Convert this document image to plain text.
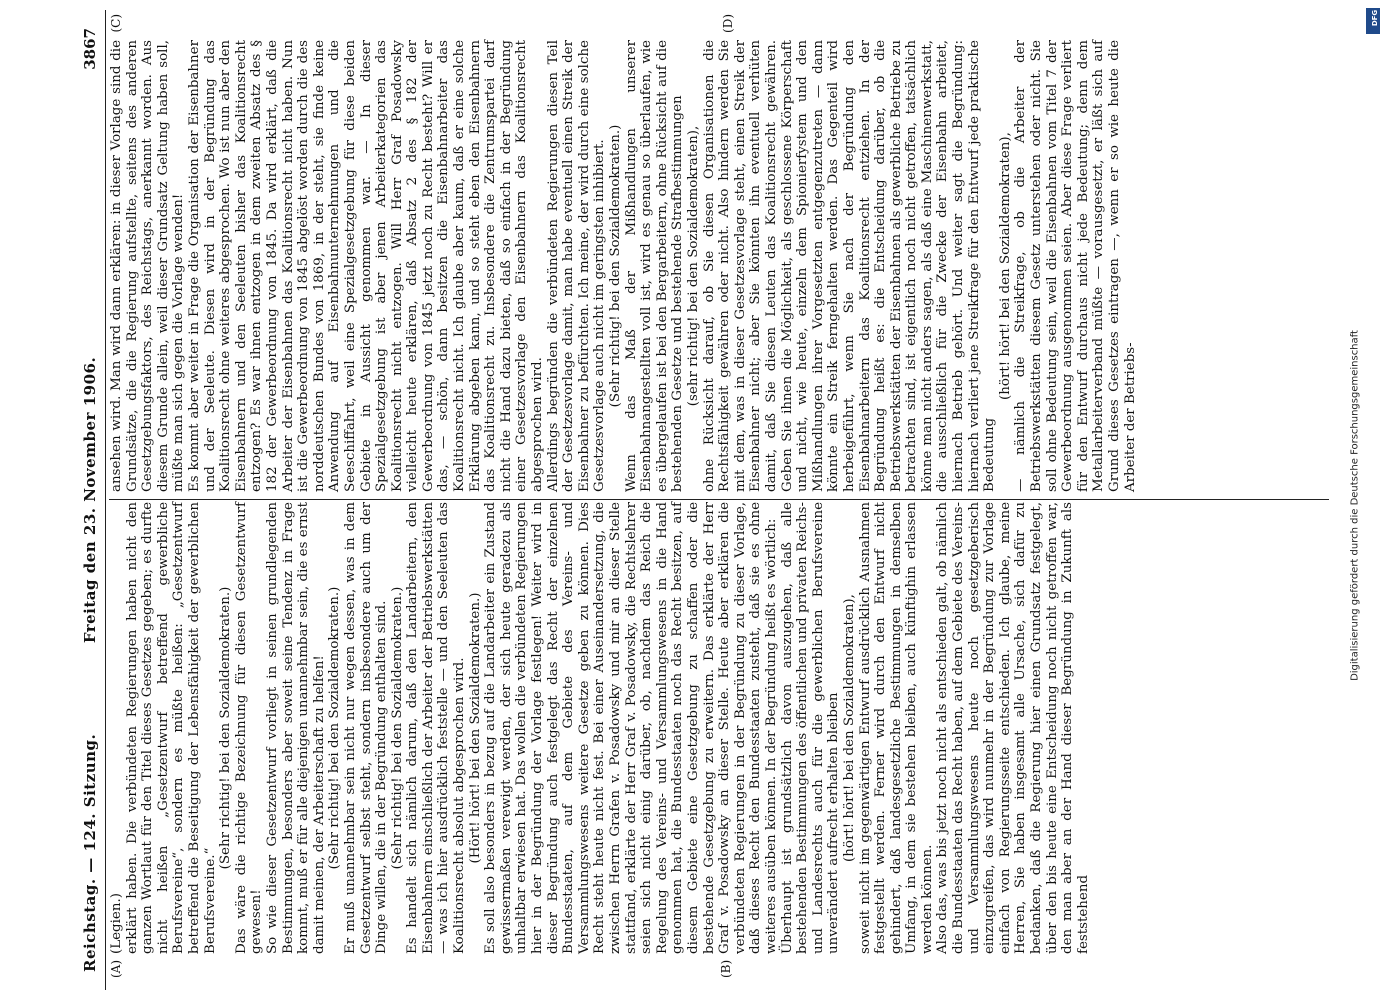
DFG
Reichstag. — 124. Sitzung.
Freitag den 23. November 1906.
3867
(A)	(B)
(C)	(D)

(Legien.) erklärt haben. Die verbündeten Regierungen haben nicht den ganzen Wortlaut für den Titel dieses Gesetzes gegeben; es durfte nicht heißen „Gesetzentwurf betreffend gewerbliche Berufsvereine“, sondern es müßte heißen: „Gesetzentwurf betreffend die Beseitigung der Lebensfähigkeit der gewerblichen Berufsvereine.“

(Sehr richtig! bei den Sozialdemokraten.) Das wäre die richtige Bezeichnung für diesen Gesetzentwurf gewesen! So wie dieser Gesetzentwurf vorliegt in seinen grundlegenden Bestimmungen, besonders aber soweit seine Tendenz in Frage kommt, muß er für alle diejenigen unannehmbar sein, die es ernst damit meinen, der Arbeiterschaft zu helfen! (Sehr richtig! bei den Sozialdemokraten.) Er muß unannehmbar sein nicht nur wegen dessen, was in dem Gesetzentwurf selbst steht, sondern insbesondere auch um der Dinge willen, die in der Begründung enthalten sind. (Sehr richtig! bei den Sozialdemokraten.) Es handelt sich nämlich darum, daß den Landarbeitern, den Eisenbahnern einschließlich der Arbeiter der Betriebswerkstätten — was ich hier ausdrücklich feststelle — und den Seeleuten das Koalitionsrecht absolut abgesprochen wird. (Hört! hört! bei den Sozialdemokraten.) Es soll also besonders in bezug auf die Landarbeiter ein Zustand gewissermaßen verewigt werden, der sich heute geradezu als unhaltbar erwiesen hat. Das wollen die verbündeten Regierungen hier in der Begründung der Vorlage festlegen! Weiter wird in dieser Begründung auch festgelegt das Recht der einzelnen Bundesstaaten, auf dem Gebiete des Vereins- und Versammlungswesens weitere Gesetze geben zu können. Dies Recht steht heute nicht fest. Bei einer Auseinandersetzung, die zwischen Herrn Grafen v. Posadowsky und mir an dieser Stelle stattfand, erklärte der Herr Graf v. Posadowsky, die Rechtslehrer seien sich nicht einig darüber, ob, nachdem das Reich die Regelung des Vereins- und Versammlungswesens in die Hand genommen hat, die Bundesstaaten noch das Recht besitzen, auf diesem Gebiete eine Gesetzgebung zu schaffen oder die bestehende Gesetzgebung zu erweitern. Das erklärte der Herr Graf v. Posadowsky an dieser Stelle. Heute aber erklären die verbündeten Regierungen in der Begründung zu dieser Vorlage, daß dieses Recht den Bundesstaaten zusteht, daß sie es ohne weiteres ausüben können. In der Begründung heißt es wörtlich: Überhaupt ist grundsätzlich davon auszugehen, daß alle bestehenden Bestimmungen des öffentlichen und privaten Reichs- und Landesrechts auch für die gewerblichen Berufsvereine unverändert aufrecht erhalten bleiben (hört! hört! bei den Sozialdemokraten), soweit nicht im gegenwärtigen Entwurf ausdrücklich Ausnahmen festgestellt werden. Ferner wird durch den Entwurf nicht gehindert, daß landesgesetzliche Bestimmungen in demselben Umfang, in dem sie bestehen bleiben, auch künftighin erlassen werden können. Also das, was bis jetzt noch nicht als entschieden galt, ob nämlich die Bundesstaaten das Recht haben, auf dem Gebiete des Vereins- und Versammlungswesens heute noch gesetzgeberisch einzugreifen, das wird nunmehr in der Begründung zur Vorlage einfach von Regierungsseite entschieden. Ich glaube, meine Herren, Sie haben insgesamt alle Ursache, sich dafür zu bedanken, daß die Regierung hier einen Grundsatz festgelegt, über den bis heute eine Entscheidung noch nicht getroffen war, den man aber an der Hand dieser Begründung in Zukunft als feststehend

ansehen wird. Man wird dann erklären: in dieser Vorlage sind die Grundsätze, die die Regierung aufstellte, seitens des anderen Gesetzgebungsfaktors, des Reichstags, anerkannt worden. Aus diesem Grunde allein, weil dieser Grundsatz Geltung haben soll, müßte man sich gegen die Vorlage wenden! Es kommt aber weiter in Frage die Organisation der Eisenbahner und der Seeleute. Diesen wird in der Begründung das Koalitionsrecht ohne weiteres abgesprochen. Wo ist nun aber den Eisenbahnern und den Seeleuten bisher das Koalitionsrecht entzogen? Es war ihnen entzogen in dem zweiten Absatz des § 182 der Gewerbeordnung von 1845. Da wird erklärt, daß die Arbeiter der Eisenbahnen das Koalitionsrecht nicht haben. Nun ist die Gewerbeordnung von 1845 abgelöst worden durch die des norddeutschen Bundes von 1869, in der steht, sie finde keine Anwendung auf Eisenbahnunternehmungen und die Seeschiffahrt, weil eine Spezialgesetzgebung für diese beiden Gebiete in Aussicht genommen war. — In dieser Spezialgesetzgebung ist aber jenen Arbeiterkategorien das Koalitionsrecht nicht entzogen. Will Herr Graf Posadowsky vielleicht heute erklären, daß Absatz 2 des § 182 der Gewerbeordnung von 1845 jetzt noch zu Recht besteht? Will er das, — schön, dann besitzen die Eisenbahnarbeiter das Koalitionsrecht nicht. Ich glaube aber kaum, daß er eine solche Erklärung abgeben kann, und so steht eben den Eisenbahnern das Koalitionsrecht zu. Insbesondere die Zentrumspartei darf nicht die Hand dazu bieten, daß so einfach in der Begründung einer Gesetzesvorlage den Eisenbahnern das Koalitionsrecht abgesprochen wird. Allerdings begründen die verbündeten Regierungen diesen Teil der Gesetzesvorlage damit, man habe eventuell einen Streik der Eisenbahner zu befürchten. Ich meine, der wird durch eine solche Gesetzesvorlage auch nicht im geringsten inhibiert. (Sehr richtig! bei den Sozialdemokraten.) Wenn das Maß der Mißhandlungen unserer Eisenbahnangestellten voll ist, wird es genau so überlaufen, wie es übergelaufen ist bei den Bergarbeitern, ohne Rücksicht auf die bestehenden Gesetze und bestehende Strafbestimmungen (sehr richtig! bei den Sozialdemokraten), ohne Rücksicht darauf, ob Sie diesen Organisationen die Rechtsfähigkeit gewähren oder nicht. Also hindern werden Sie mit dem, was in dieser Gesetzesvorlage steht, einen Streik der Eisenbahner nicht; aber Sie könnten ihn eventuell verhüten damit, daß Sie diesen Leuten das Koalitionsrecht gewähren. Geben Sie ihnen die Möglichkeit, als geschlossene Körperschaft und nicht, wie heute, einzeln dem Spionierfystem und den Mißhandlungen ihrer Vorgesetzten entgegenzutreten — dann könnte ein Streik ferngehalten werden. Das Gegenteil wird herbeigeführt, wenn Sie nach der Begründung den Eisenbahnarbeitern das Koalitionsrecht entziehen. In der Begründung heißt es: die Entscheidung darüber, ob die Betriebswerkstätten der Eisenbahnen als gewerbliche Betriebe zu betrachten sind, ist eigentlich noch nicht getroffen, tatsächlich könne man nicht anders sagen, als daß eine Maschinenwerkstatt, die ausschließlich für die Zwecke der Eisenbahn arbeitet, hiernach Betrieb gehört. Und weiter sagt die Begründung: hiernach verliert jene Streikfrage für den Entwurf jede praktische Bedeutung

(hört! hört! bei den Sozialdemokraten), — nämlich die Streikfrage, ob die Arbeiter der Betriebswerkstätten diesem Gesetz unterstehen oder nicht. Sie soll ohne Bedeutung sein, weil die Eisenbahnen vom Titel 7 der Gewerbeordnung ausgenommen seien. Aber diese Frage verliert für den Entwurf durchaus nicht jede Bedeutung; denn dem Metallarbeiterverband müßte — vorausgesetzt, er läßt sich auf Grund dieses Gesetzes eintragen —, wenn er so wie heute die Arbeiter der Betriebs-	Digitalisierung gefördert durch die Deutsche Forschungsgemeinschaft
